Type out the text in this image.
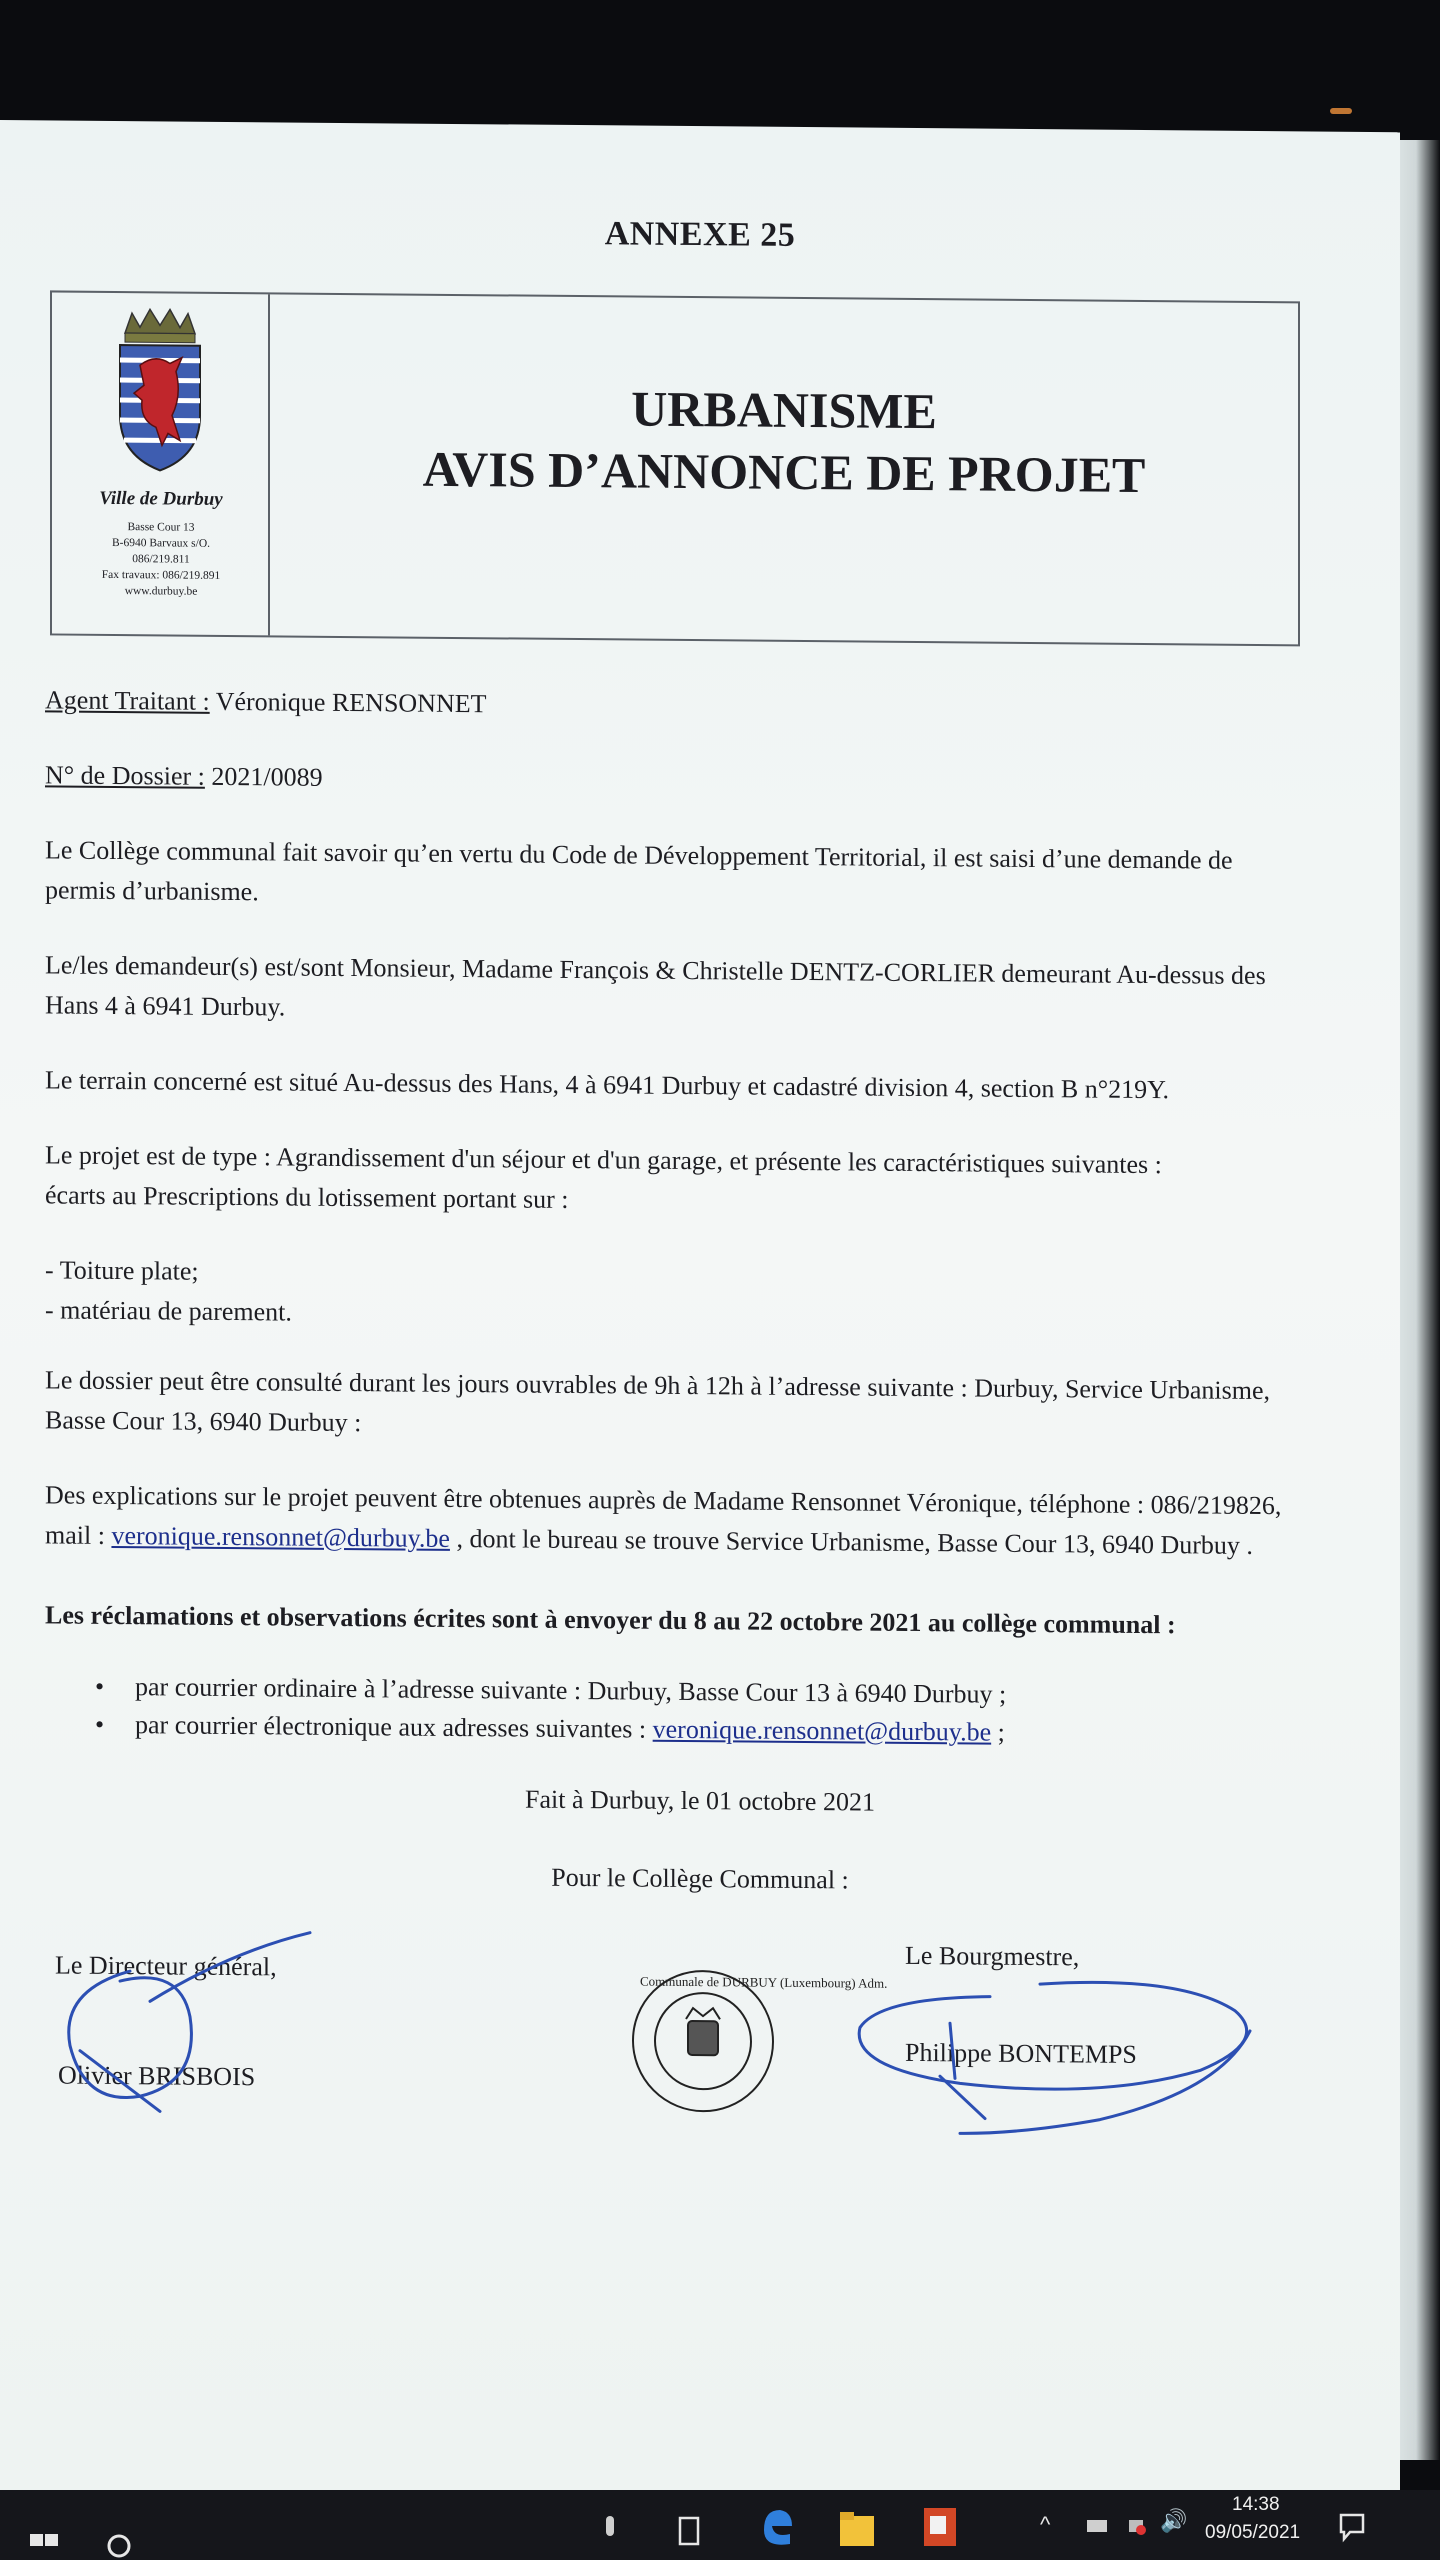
ANNEXE 25
Ville de Durbuy
Basse Cour 13
B-6940 Barvaux s/O.
086/219.811
Fax travaux: 086/219.891
www.durbuy.be
URBANISME
AVIS D’ANNONCE DE PROJET
Agent Traitant : Véronique RENSONNET
N° de Dossier : 2021/0089
Le Collège communal fait savoir qu’en vertu du Code de Développement Territorial, il est saisi d’une demande de
permis d’urbanisme.
Le/les demandeur(s) est/sont Monsieur, Madame François & Christelle DENTZ-CORLIER demeurant Au-dessus des
Hans 4 à 6941 Durbuy.
Le terrain concerné est situé Au-dessus des Hans, 4 à 6941 Durbuy et cadastré division 4, section B n°219Y.
Le projet est de type : Agrandissement d'un séjour et d'un garage, et présente les caractéristiques suivantes :
écarts au Prescriptions du lotissement portant sur :
- Toiture plate;
- matériau de parement.
Le dossier peut être consulté durant les jours ouvrables de 9h à 12h à l’adresse suivante : Durbuy, Service Urbanisme,
Basse Cour 13, 6940 Durbuy :
Des explications sur le projet peuvent être obtenues auprès de Madame Rensonnet Véronique, téléphone : 086/219826,
mail : veronique.rensonnet@durbuy.be , dont le bureau se trouve Service Urbanisme, Basse Cour 13, 6940 Durbuy .
Les réclamations et observations écrites sont à envoyer du 8 au 22 octobre 2021 au collège communal :
• par courrier ordinaire à l’adresse suivante : Durbuy, Basse Cour 13 à 6940 Durbuy ;
• par courrier électronique aux adresses suivantes : veronique.rensonnet@durbuy.be ;
Fait à Durbuy, le 01 octobre 2021
Pour le Collège Communal :
Le Directeur général,
Olivier BRISBOIS
Le Bourgmestre,
Philippe BONTEMPS
Communale de DURBUY (Luxembourg) Adm.
^	🔊
14:38
09/05/2021
